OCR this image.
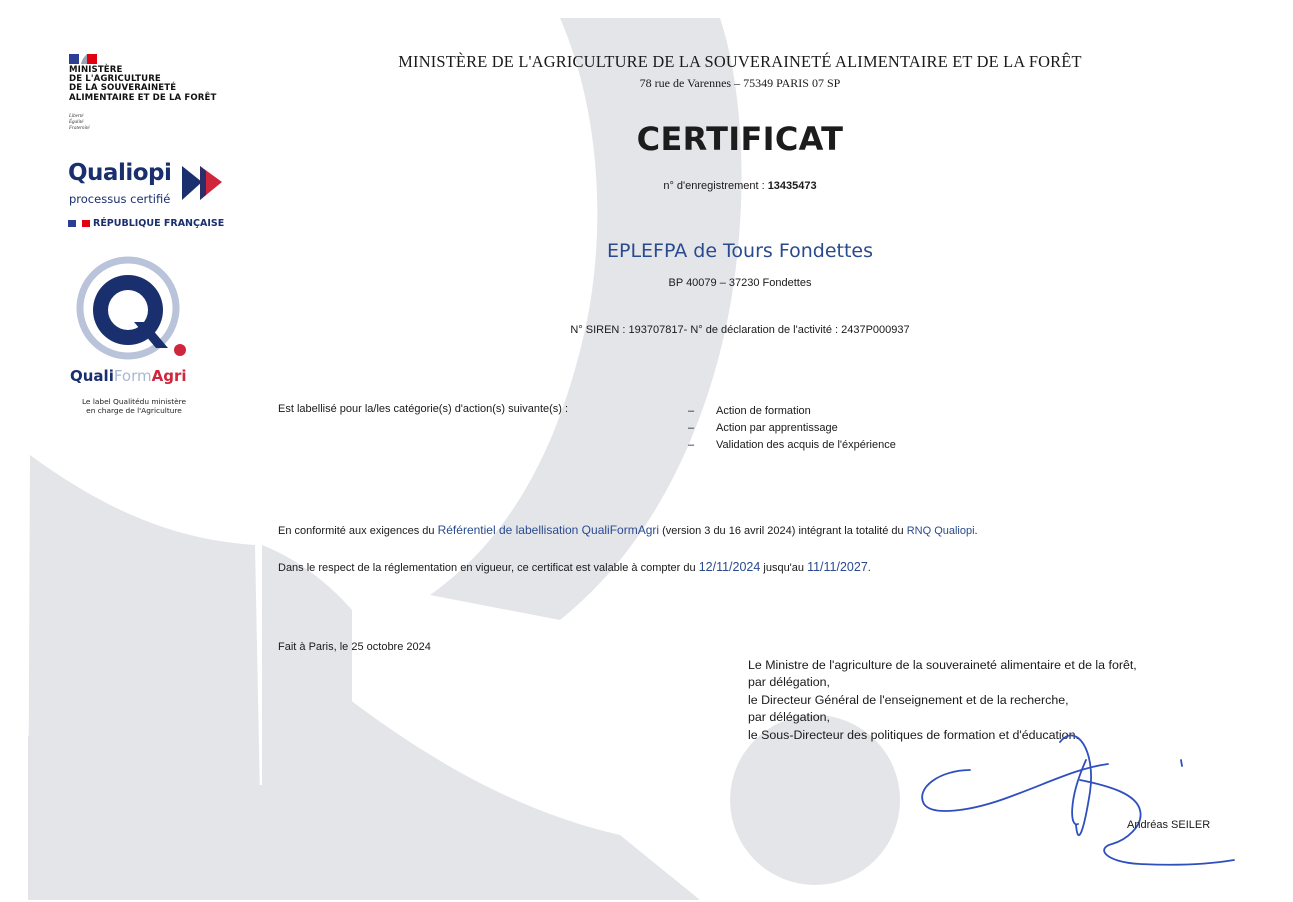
MINISTÈRE
DE L'AGRICULTURE
DE LA SOUVERAINETÉ
ALIMENTAIRE ET DE LA FORÊT
Liberté
Égalité
Fraternité
Qualiopi
processus certifié
RÉPUBLIQUE FRANÇAISE
QualiFormAgri
Le label Qualitédu ministère
en charge de l'Agriculture
MINISTÈRE DE L'AGRICULTURE DE LA SOUVERAINETÉ ALIMENTAIRE ET DE LA FORÊT
78 rue de Varennes – 75349 PARIS 07 SP
CERTIFICAT
n° d'enregistrement : 13435473
EPLEFPA de Tours Fondettes
BP 40079 – 37230 Fondettes
N° SIREN : 193707817- N° de déclaration de l'activité : 2437P000937
Est labellisé pour la/les catégorie(s) d'action(s) suivante(s) :	– Action de formation
– Action par apprentissage
– Validation des acquis de l'éxpérience
En conformité aux exigences du Référentiel de labellisation QualiFormAgri (version 3 du 16 avril 2024) intégrant la totalité du RNQ Qualiopi.
Dans le respect de la réglementation en vigueur, ce certificat est valable à compter du 12/11/2024 jusqu'au 11/11/2027.
Fait à Paris, le 25 octobre 2024
Le Ministre de l'agriculture de la souveraineté alimentaire et de la forêt,
par délégation,
le Directeur Général de l'enseignement et de la recherche,
par délégation,
le Sous-Directeur des politiques de formation et d'éducation.
Andréas SEILER
